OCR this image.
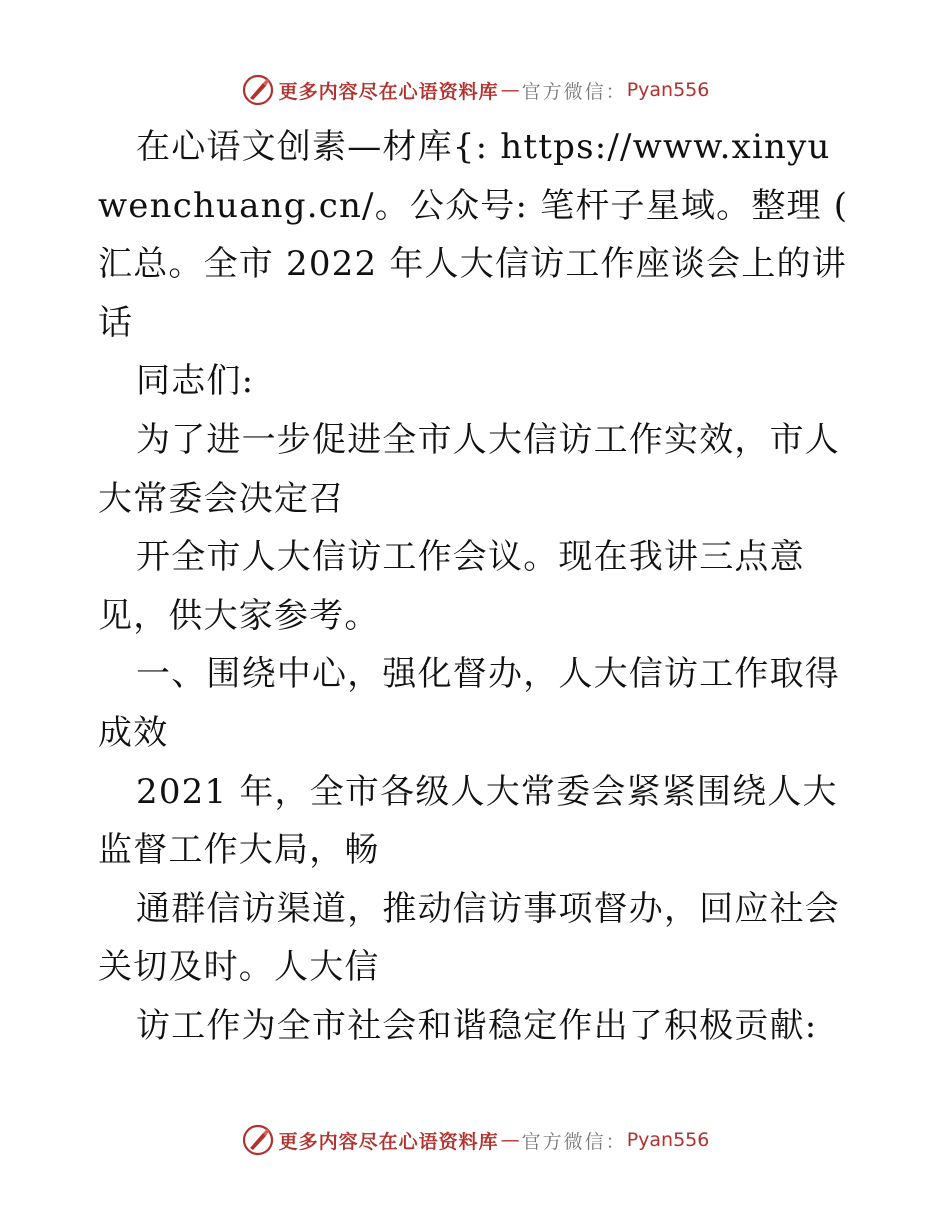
更多内容尽在心语资料库 — 官方微信： Pyan556

在心语文创素—材库{: https://www.xinyuwenchuang.cn/。公众号: 笔杆子星域。整理 ( 汇总。全市 2022 年人大信访工作座谈会上的讲话

同志们:

为了进一步促进全市人大信访工作实效，市人大常委会决定召

开全市人大信访工作会议。现在我讲三点意见，供大家参考。

一、围绕中心，强化督办，人大信访工作取得成效

2021 年，全市各级人大常委会紧紧围绕人大监督工作大局，畅

通群信访渠道，推动信访事项督办，回应社会关切及时。人大信

访工作为全市社会和谐稳定作出了积极贡献:

更多内容尽在心语资料库 — 官方微信： Pyan556
